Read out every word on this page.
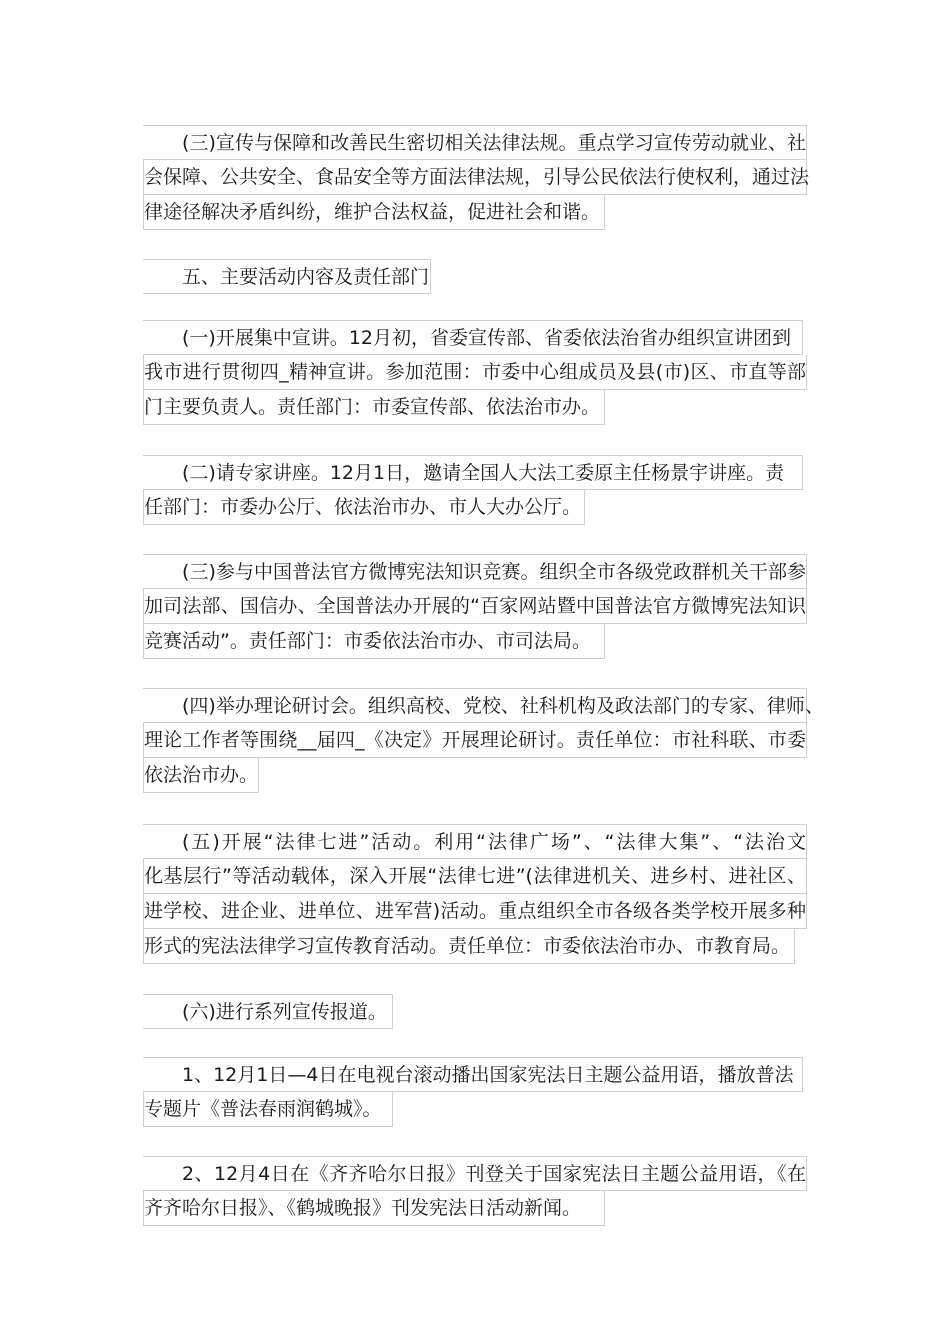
(三)宣传与保障和改善民生密切相关法律法规。重点学习宣传劳动就业、社
会保障、公共安全、食品安全等方面法律法规，引导公民依法行使权利，通过法
律途径解决矛盾纠纷，维护合法权益，促进社会和谐。
五、主要活动内容及责任部门
(一)开展集中宣讲。12月初，省委宣传部、省委依法治省办组织宣讲团到
我市进行贯彻四_精神宣讲。参加范围：市委中心组成员及县(市)区、市直等部
门主要负责人。责任部门：市委宣传部、依法治市办。
(二)请专家讲座。12月1日，邀请全国人大法工委原主任杨景宇讲座。责
任部门：市委办公厅、依法治市办、市人大办公厅。
(三)参与中国普法官方微博宪法知识竞赛。组织全市各级党政群机关干部参
加司法部、国信办、全国普法办开展的“百家网站暨中国普法官方微博宪法知识
竞赛活动”。责任部门：市委依法治市办、市司法局。
(四)举办理论研讨会。组织高校、党校、社科机构及政法部门的专家、律师、
理论工作者等围绕__届四_《决定》开展理论研讨。责任单位：市社科联、市委
依法治市办。
(五)开展“法律七进”活动。利用“法律广场”、“法律大集”、“法治文
化基层行”等活动载体，深入开展“法律七进”(法律进机关、进乡村、进社区、
进学校、进企业、进单位、进军营)活动。重点组织全市各级各类学校开展多种
形式的宪法法律学习宣传教育活动。责任单位：市委依法治市办、市教育局。
(六)进行系列宣传报道。
1、12月1日—4日在电视台滚动播出国家宪法日主题公益用语，播放普法
专题片《普法春雨润鹤城》。
2、12月4日在《齐齐哈尔日报》刊登关于国家宪法日主题公益用语，《在
齐齐哈尔日报》、《鹤城晚报》刊发宪法日活动新闻。
